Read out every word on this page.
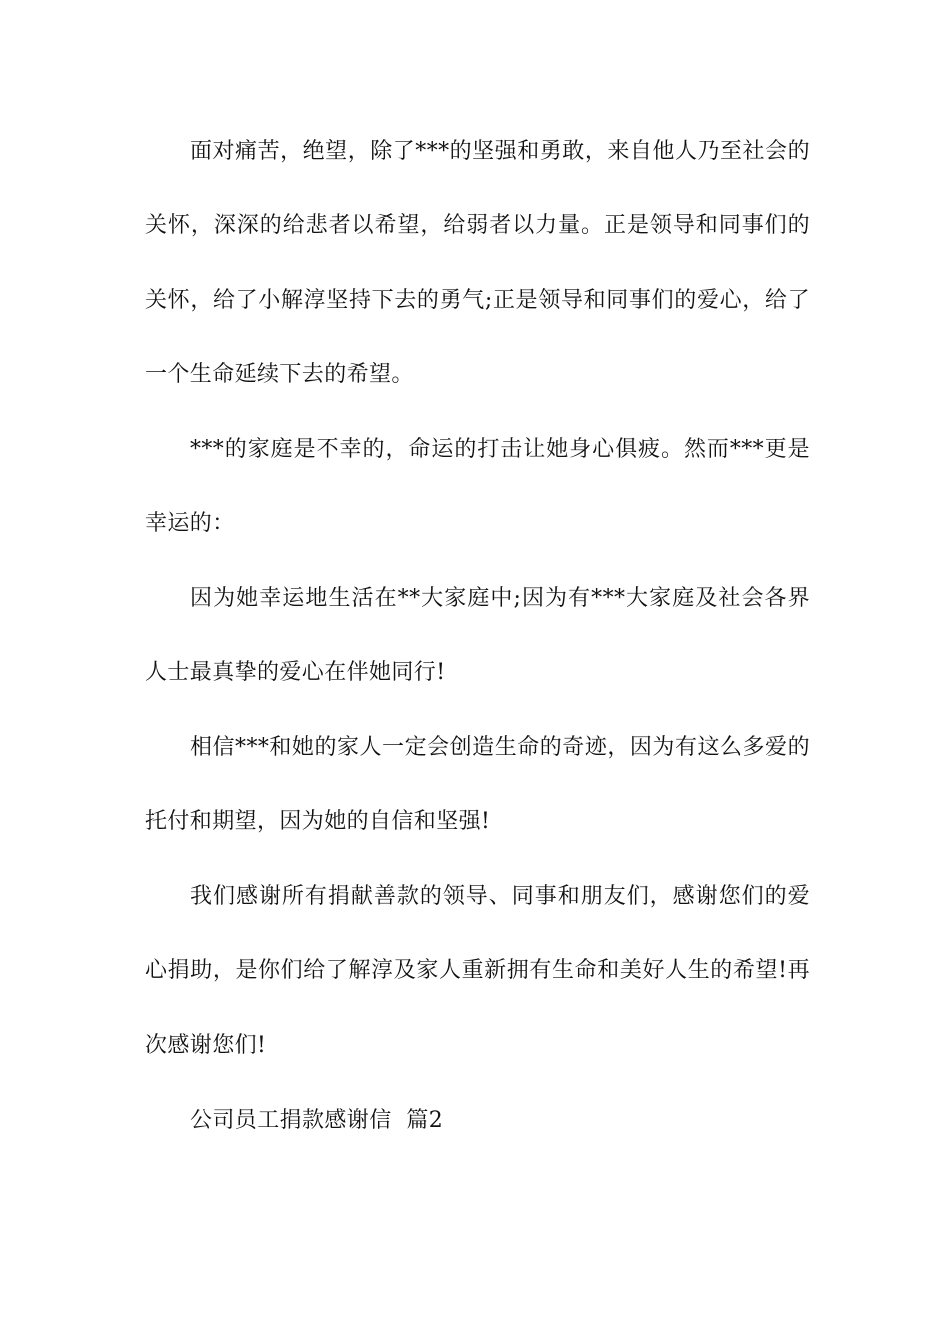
面对痛苦，绝望，除了***的坚强和勇敢，来自他人乃至社会的
关怀，深深的给悲者以希望，给弱者以力量。正是领导和同事们的
关怀，给了小解淳坚持下去的勇气;正是领导和同事们的爱心，给了
一个生命延续下去的希望。
***的家庭是不幸的，命运的打击让她身心俱疲。然而***更是
幸运的：
因为她幸运地生活在**大家庭中;因为有***大家庭及社会各界
人士最真挚的爱心在伴她同行!
相信***和她的家人一定会创造生命的奇迹，因为有这么多爱的
托付和期望，因为她的自信和坚强!
我们感谢所有捐献善款的领导、同事和朋友们，感谢您们的爱
心捐助，是你们给了解淳及家人重新拥有生命和美好人生的希望!再
次感谢您们!
公司员工捐款感谢信  篇2
